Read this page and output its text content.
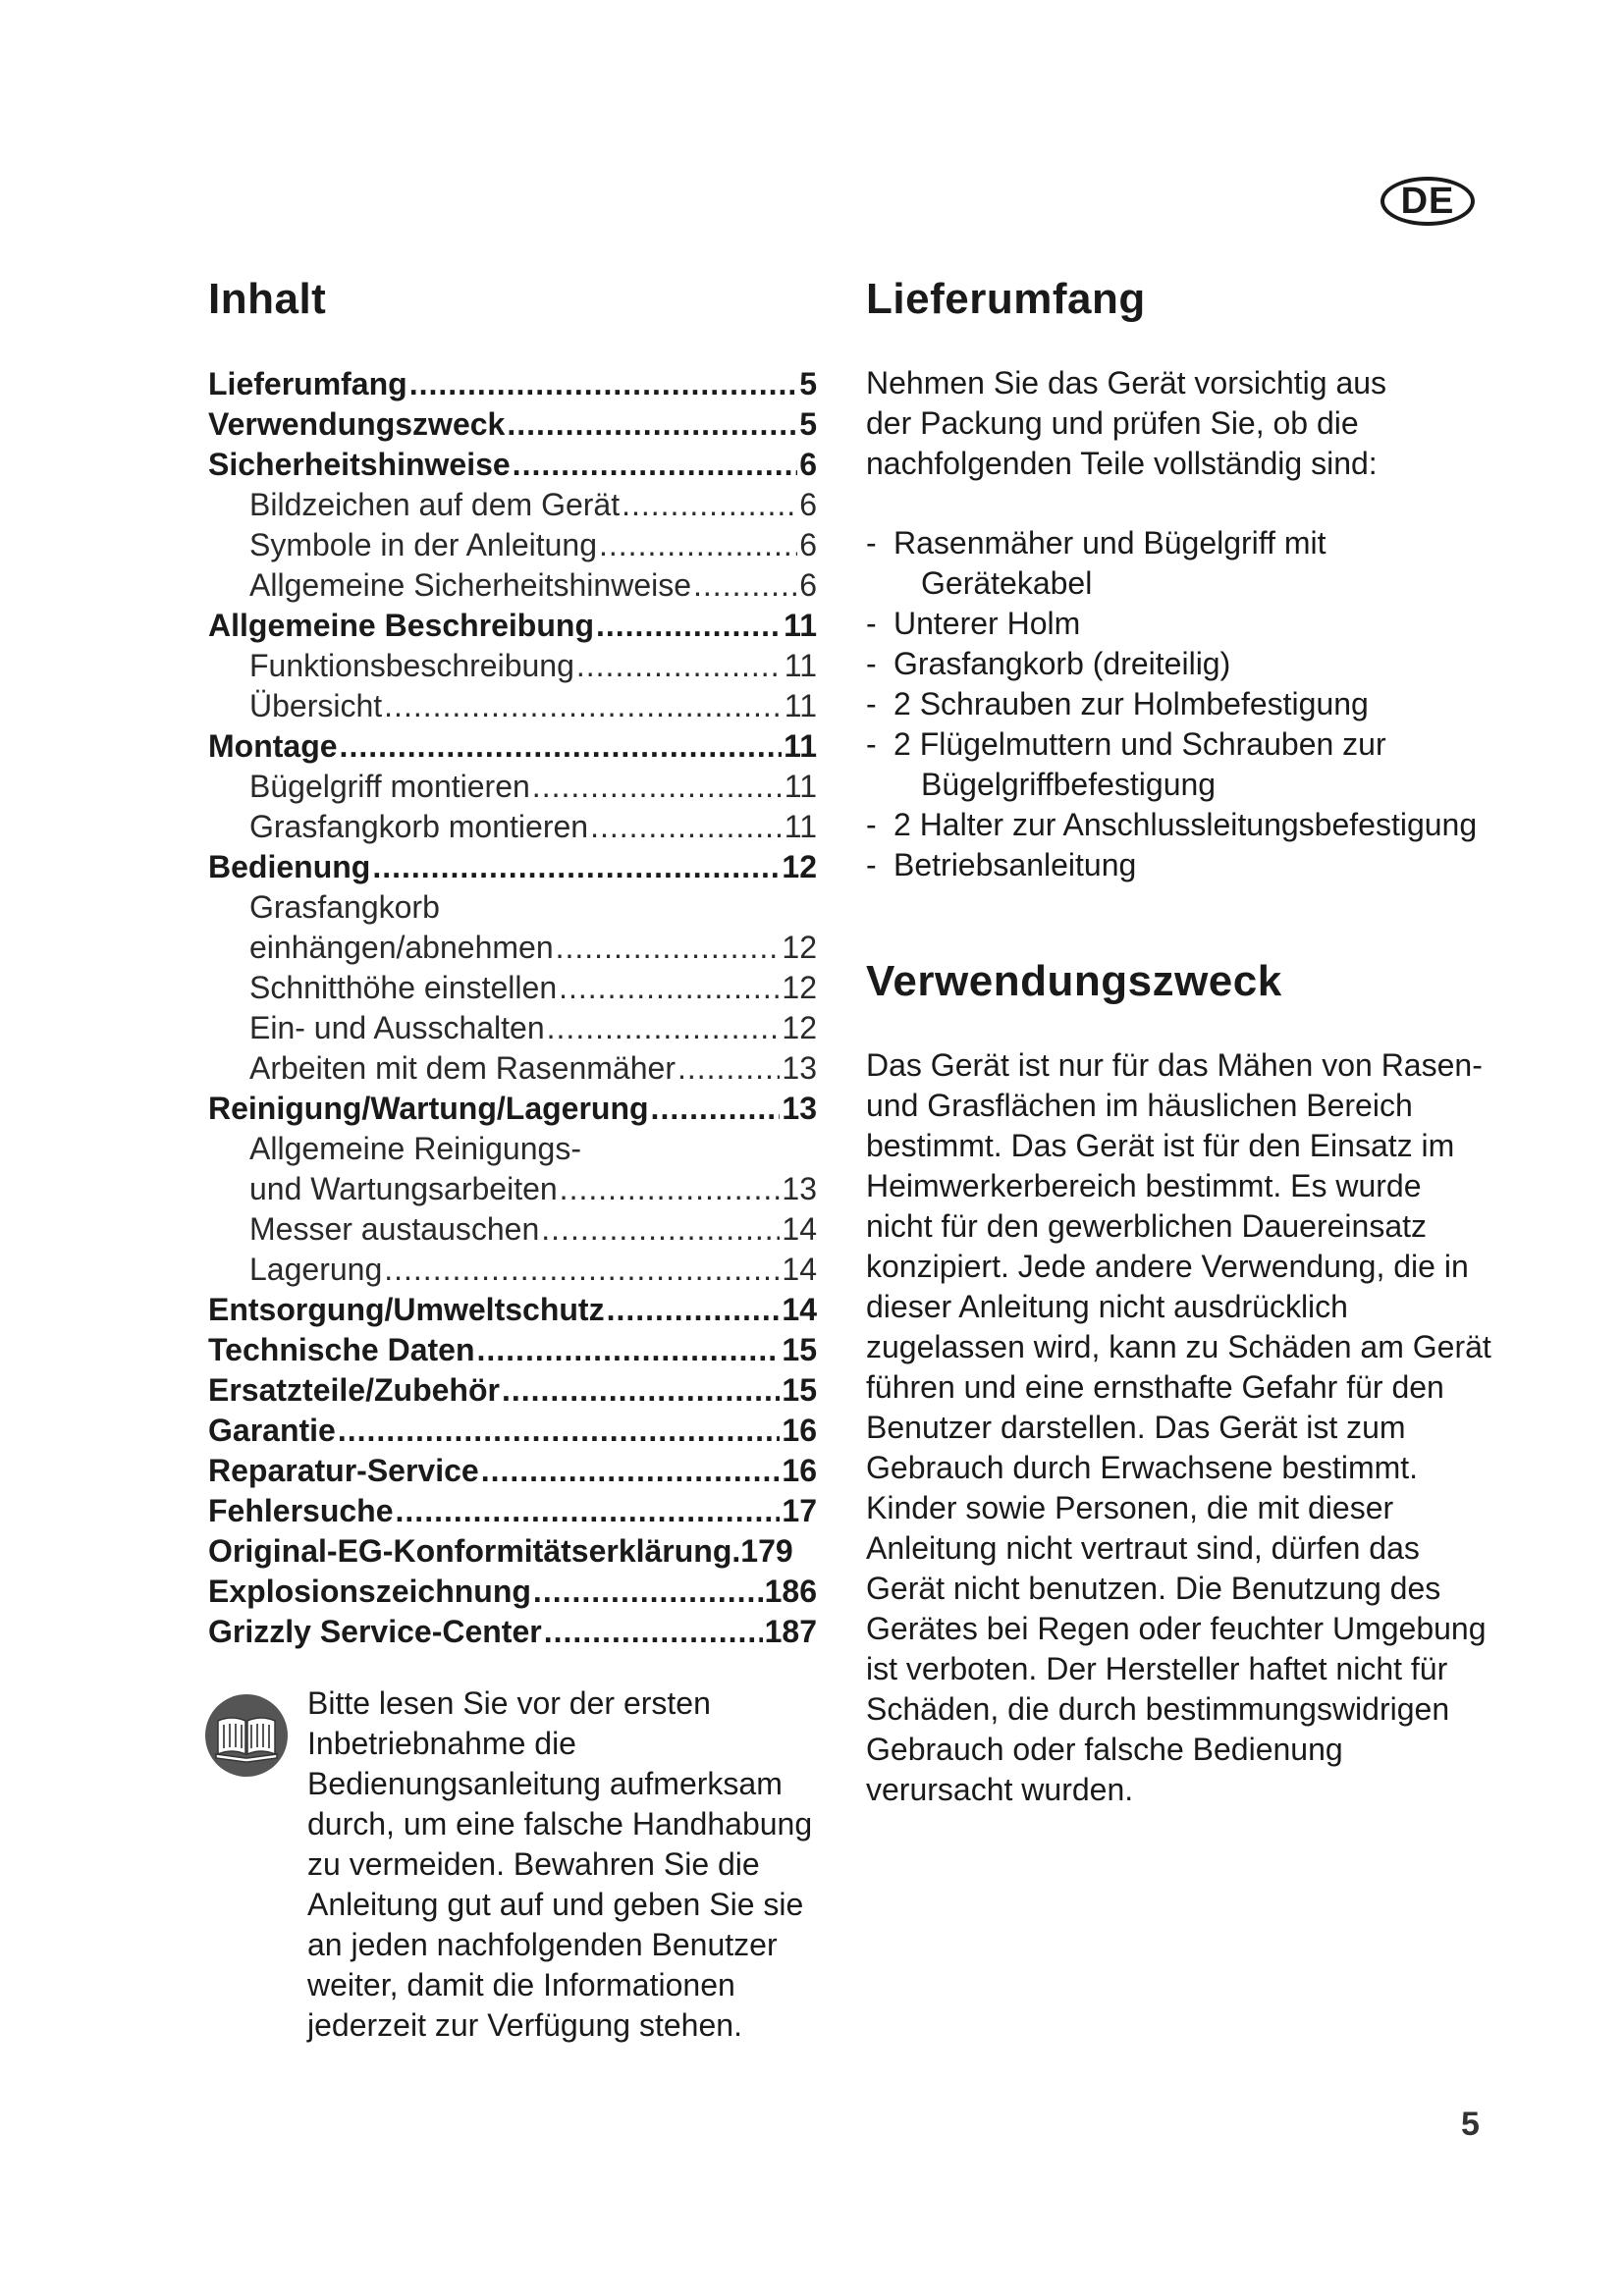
DE
Inhalt
Lieferumfang .....	5
Verwendungszweck .....	5
Sicherheitshinweise .....	6
Bildzeichen auf dem Gerät .....	6
Symbole in der Anleitung .....	6
Allgemeine Sicherheitshinweise .....	6
Allgemeine Beschreibung .....	11
Funktionsbeschreibung .....	11
Übersicht .....	11
Montage .....	11
Bügelgriff montieren .....	11
Grasfangkorb montieren .....	11
Bedienung .....	12
Grasfangkorb
einhängen/abnehmen .....	12
Schnitthöhe einstellen .....	12
Ein- und Ausschalten .....	12
Arbeiten mit dem Rasenmäher .....	13
Reinigung/Wartung/Lagerung .....	13
Allgemeine Reinigungs-
und Wartungsarbeiten .....	13
Messer austauschen .....	14
Lagerung .....	14
Entsorgung/Umweltschutz .....	14
Technische Daten .....	15
Ersatzteile/Zubehör .....	15
Garantie .....	16
Reparatur-Service .....	16
Fehlersuche .....	17
Original-EG-Konformitätserklärung. 179
Explosionszeichnung .....	186
Grizzly Service-Center .....	187

Bitte lesen Sie vor der ersten Inbetriebnahme die Bedienungsanleitung aufmerksam durch, um eine falsche Handhabung zu vermeiden. Bewahren Sie die Anleitung gut auf und geben Sie sie an jeden nachfolgenden Benutzer weiter, damit die Informationen jederzeit zur Verfügung stehen.

Lieferumfang

Nehmen Sie das Gerät vorsichtig aus der Packung und prüfen Sie, ob die nachfolgenden Teile vollständig sind:

- Rasenmäher und Bügelgriff mit Gerätekabel
- Unterer Holm
- Grasfangkorb (dreiteilig)
- 2 Schrauben zur Holmbefestigung
- 2 Flügelmuttern und Schrauben zur Bügelgriffbefestigung
- 2 Halter zur Anschlussleitungsbefestigung
- Betriebsanleitung
Verwendungszweck

Das Gerät ist nur für das Mähen von Rasen- und Grasflächen im häuslichen Bereich bestimmt. Das Gerät ist für den Einsatz im Heimwerkerbereich bestimmt. Es wurde nicht für den gewerblichen Dauereinsatz konzipiert. Jede andere Verwendung, die in dieser Anleitung nicht ausdrücklich zugelassen wird, kann zu Schäden am Gerät führen und eine ernsthafte Gefahr für den Benutzer darstellen. Das Gerät ist zum Gebrauch durch Erwachsene bestimmt. Kinder sowie Personen, die mit dieser Anleitung nicht vertraut sind, dürfen das Gerät nicht benutzen. Die Benutzung des Gerätes bei Regen oder feuchter Umgebung ist verboten. Der Hersteller haftet nicht für Schäden, die durch bestimmungswidrigen Gebrauch oder falsche Bedienung verursacht wurden.

5
